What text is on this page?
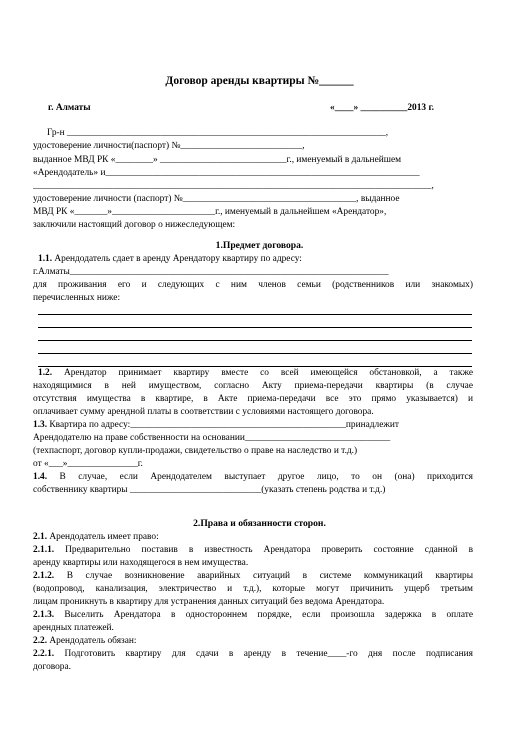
Договор аренды квартиры №______
г. Алматы	«____» __________2013 г.
Гр-н ____________________________________________________________________,
удостоверение личности(паспорт) №__________________________,
выданное МВД РК «________» ___________________________г., именуемый в дальнейшем
«Арендодатель» и___________________________________________________________________
_____________________________________________________________________________________,
удостоверение личности (паспорт) №_____________________________________, выданное
МВД РК «_______»______________________г., именуемый в дальнейшем «Арендатор»,
заключили настоящий договор о нижеследующем:
1.Предмет договора.
1.1. Арендодатель сдает в аренду Арендатору квартиру по адресу:
г.Алматы____________________________________________________________________
для проживания его и следующих с ним членов семьи (родственников или знакомых)
перечисленных ниже:
1.2. Арендатор принимает квартиру вместе со всей имеющейся обстановкой, а также
находящимися в ней имуществом, согласно Акту приема-передачи квартиры (в случае
отсутствия имущества в квартире, в Акте приема-передачи все это прямо указывается) и
оплачивает сумму арендной платы в соответствии с условиями настоящего договора.
1.3. Квартира по адресу:______________________________________________принадлежит
Арендодателю на праве собственности на основании_______________________________
(техпаспорт, договор купли-продажи, свидетельство о праве на наследство и т.д.)
от «___»_______________г.
1.4. В случае, если Арендодателем выступает другое лицо, то он (она) приходится
собственнику квартиры ____________________________(указать степень родства и т.д.)
2.Права и обязанности сторон.
2.1. Арендодатель имеет право:
2.1.1. Предварительно поставив в известность Арендатора проверить состояние сданной в
аренду квартиры или находящегося в нем имущества.
2.1.2. В случае возникновение аварийных ситуаций в системе коммуникаций квартиры
(водопровод, канализация, электричество и т.д.), которые могут причинить ущерб третьим
лицам проникнуть в квартиру для устранения данных ситуаций без ведома Арендатора.
2.1.3. Выселить Арендатора в одностороннем порядке, если произошла задержка в оплате
арендных платежей.
2.2. Арендодатель обязан:
2.2.1. Подготовить квартиру для сдачи в аренду в течение____-го дня после подписания
договора.
